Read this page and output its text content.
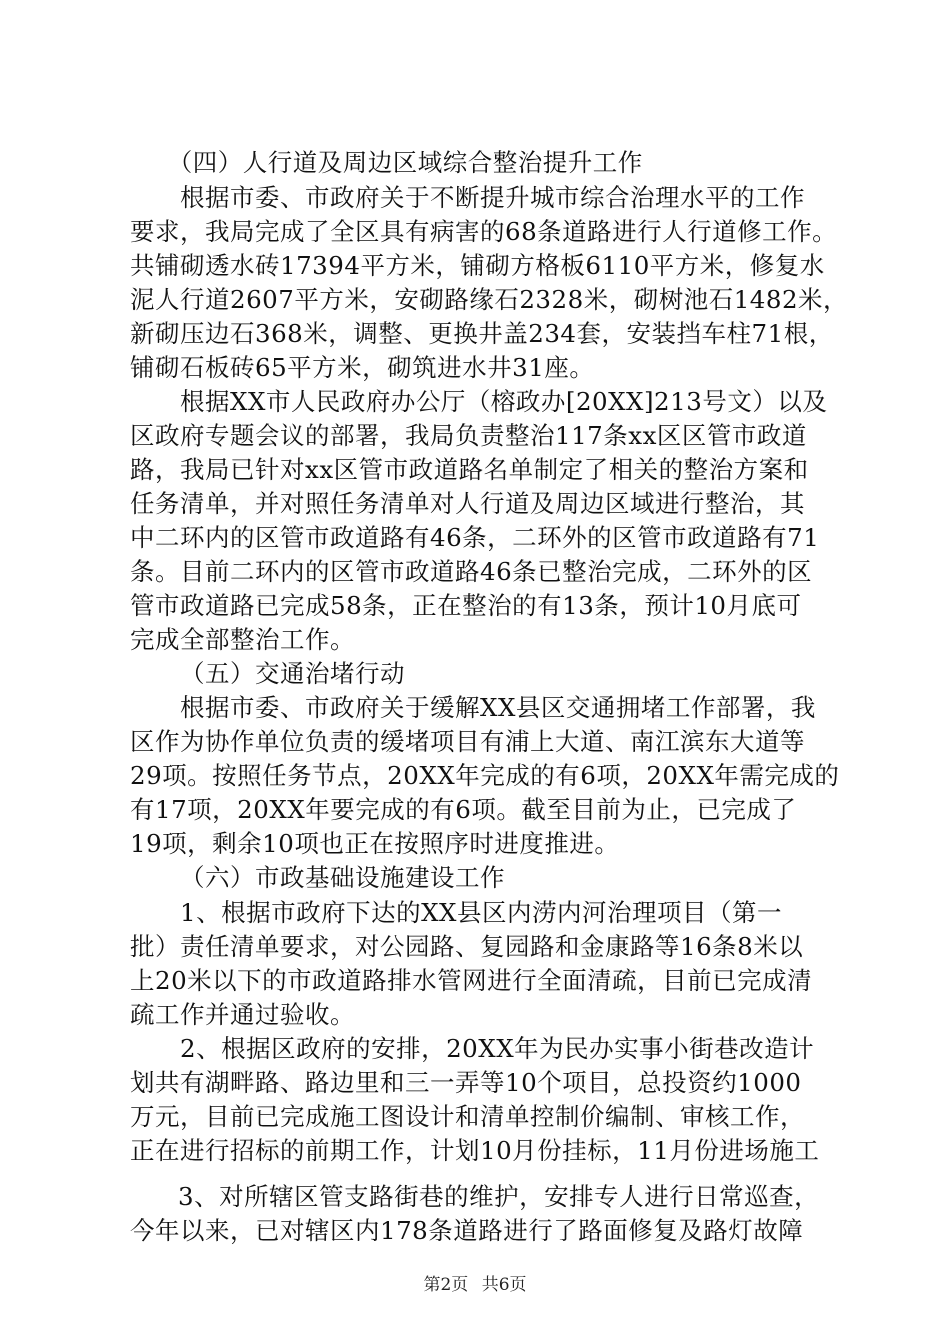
　　（四）人行道及周边区域综合整治提升工作
根据市委、市政府关于不断提升城市综合治理水平的工作
要求，我局完成了全区具有病害的68条道路进行人行道修工作。
共铺砌透水砖17394平方米，铺砌方格板6110平方米，修复水
泥人行道2607平方米，安砌路缘石2328米，砌树池石1482米，
新砌压边石368米，调整、更换井盖234套，安装挡车柱71根，
铺砌石板砖65平方米，砌筑进水井31座。
根据XX市人民政府办公厅（榕政办[20XX]213号文）以及
区政府专题会议的部署，我局负责整治117条xx区区管市政道
路，我局已针对xx区管市政道路名单制定了相关的整治方案和
任务清单，并对照任务清单对人行道及周边区域进行整治，其
中二环内的区管市政道路有46条，二环外的区管市政道路有71
条。目前二环内的区管市政道路46条已整治完成，二环外的区
管市政道路已完成58条，正在整治的有13条，预计10月底可
完成全部整治工作。
（五）交通治堵行动
根据市委、市政府关于缓解XX县区交通拥堵工作部署，我
区作为协作单位负责的缓堵项目有浦上大道、南江滨东大道等
29项。按照任务节点，20XX年完成的有6项，20XX年需完成的
有17项，20XX年要完成的有6项。截至目前为止，已完成了
19项，剩余10项也正在按照序时进度推进。
（六）市政基础设施建设工作
1、根据市政府下达的XX县区内涝内河治理项目（第一
批）责任清单要求，对公园路、复园路和金康路等16条8米以
上20米以下的市政道路排水管网进行全面清疏，目前已完成清
疏工作并通过验收。
2、根据区政府的安排，20XX年为民办实事小街巷改造计
划共有湖畔路、路边里和三一弄等10个项目，总投资约1000
万元，目前已完成施工图设计和清单控制价编制、审核工作，
正在进行招标的前期工作，计划10月份挂标，11月份进场施工
3、对所辖区管支路街巷的维护，安排专人进行日常巡查，
今年以来，已对辖区内178条道路进行了路面修复及路灯故障
第2页 共6页
